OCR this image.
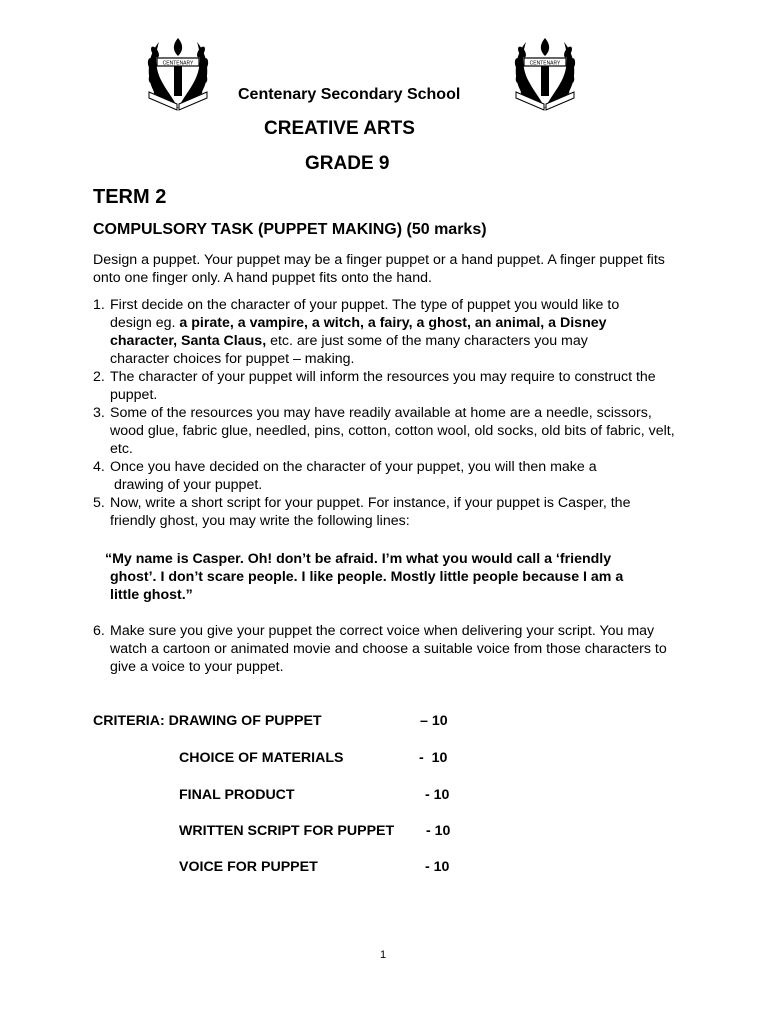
CENTENARY	CENTENARY
Centenary Secondary School
CREATIVE ARTS
GRADE 9
TERM 2
COMPULSORY TASK (PUPPET MAKING) (50 marks)
Design a puppet. Your puppet may be a finger puppet or a hand puppet. A finger puppet fits onto one finger only. A hand puppet fits onto the hand.
1. First decide on the character of your puppet. The type of puppet you would like to
design eg. a pirate, a vampire, a witch, a fairy, a ghost, an animal, a Disney
character, Santa Claus, etc. are just some of the many characters you may
character choices for puppet – making.
2. The character of your puppet will inform the resources you may require to construct the puppet.
3. Some of the resources you may have readily available at home are a needle, scissors, wood glue, fabric glue, needled, pins, cotton, cotton wool, old socks, old bits of fabric, velt, etc.
4. Once you have decided on the character of your puppet, you will then make a
drawing of your puppet.
5. Now, write a short script for your puppet. For instance, if your puppet is Casper, the friendly ghost, you may write the following lines:
“My name is Casper. Oh! don’t be afraid. I’m what you would call a ‘friendly

ghost’. I don’t scare people. I like people. Mostly little people because I am a
little ghost.”
6. Make sure you give your puppet the correct voice when delivering your script. You may watch a cartoon or animated movie and choose a suitable voice from those characters to give a voice to your puppet.
CRITERIA: DRAWING OF PUPPET	– 10
CHOICE OF MATERIALS	-  10
FINAL PRODUCT	- 10
WRITTEN SCRIPT FOR PUPPET - 10
VOICE FOR PUPPET	- 10
1
